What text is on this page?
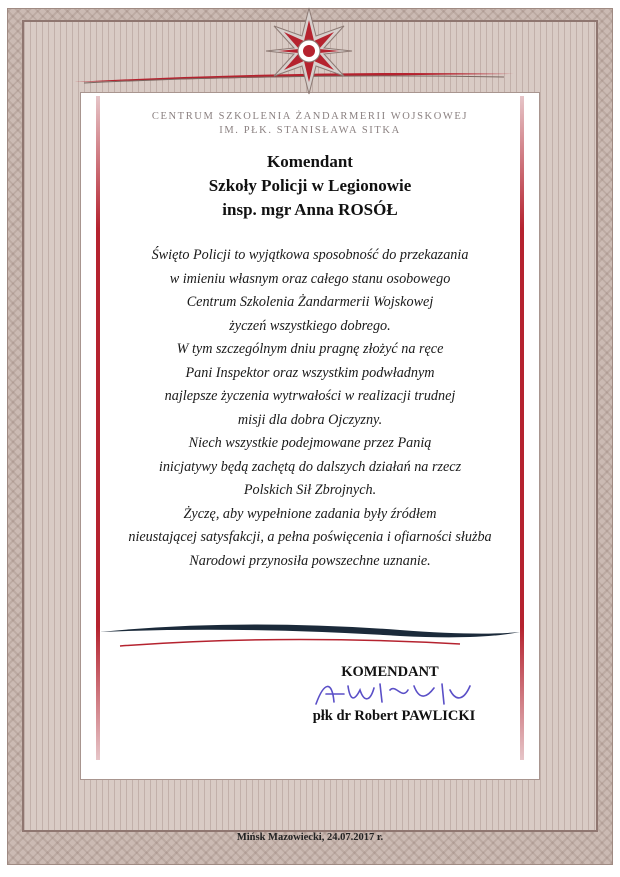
CENTRUM SZKOLENIA ŻANDARMERII WOJSKOWEJ
IM. PŁK. STANISŁAWA SITKA
Komendant
Szkoły Policji w Legionowie
insp. mgr Anna ROSÓŁ
Święto Policji to wyjątkowa sposobność do przekazania
w imieniu własnym oraz całego stanu osobowego
Centrum Szkolenia Żandarmerii Wojskowej
życzeń wszystkiego dobrego.
W tym szczególnym dniu pragnę złożyć na ręce
Pani Inspektor oraz wszystkim podwładnym
najlepsze życzenia wytrwałości w realizacji trudnej
misji dla dobra Ojczyzny.
Niech wszystkie podejmowane przez Panią
inicjatywy będą zachętą do dalszych działań na rzecz
Polskich Sił Zbrojnych.
Życzę, aby wypełnione zadania były źródłem
nieustającej satysfakcji, a pełna poświęcenia i ofiarności służba
Narodowi przynosiła powszechne uznanie.
KOMENDANT
płk dr Robert PAWLICKI
Mińsk Mazowiecki, 24.07.2017 r.
